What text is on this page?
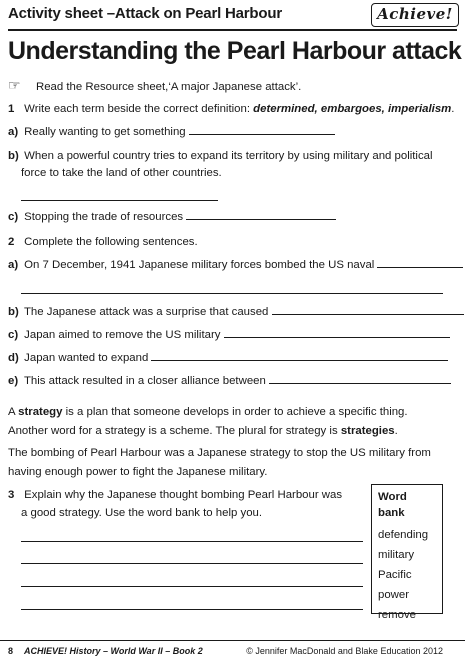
Activity sheet –Attack on Pearl Harbour	Achieve!
Understanding the Pearl Harbour attack
☞ Read the Resource sheet,‘A major Japanese attack’.
1 Write each term beside the correct definition: determined, embargoes, imperialism.
a) Really wanting to get something
b) When a powerful country tries to expand its territory by using military and political
force to take the land of other countries.
c) Stopping the trade of resources
2 Complete the following sentences.
a) On 7 December, 1941 Japanese military forces bombed the US naval
b) The Japanese attack was a surprise that caused
c) Japan aimed to remove the US military
d) Japan wanted to expand
e) This attack resulted in a closer alliance between
A strategy is a plan that someone develops in order to achieve a specific thing. Another word for a strategy is a scheme. The plural for strategy is strategies.
The bombing of Pearl Harbour was a Japanese strategy to stop the US military from having enough power to fight the Japanese military.
3 Explain why the Japanese thought bombing Pearl Harbour was
a good strategy. Use the word bank to help you.
Word bank
defending
military
Pacific
power
remove
8 ACHIEVE! History – World War II – Book 2	© Jennifer MacDonald and Blake Education 2012
